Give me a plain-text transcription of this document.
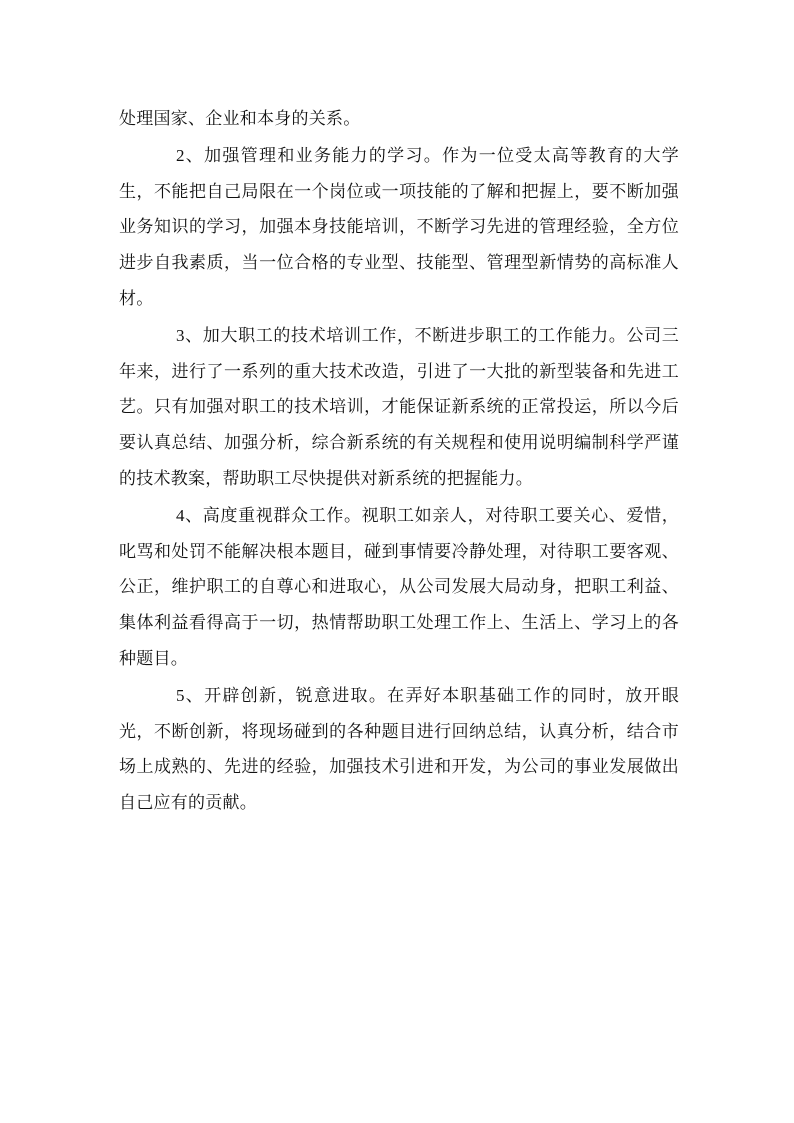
处理国家、企业和本身的关系。

2、加强管理和业务能力的学习。作为一位受太高等教育的大学生，不能把自己局限在一个岗位或一项技能的了解和把握上，要不断加强业务知识的学习，加强本身技能培训，不断学习先进的管理经验，全方位进步自我素质，当一位合格的专业型、技能型、管理型新情势的高标准人材。

3、加大职工的技术培训工作，不断进步职工的工作能力。公司三年来，进行了一系列的重大技术改造，引进了一大批的新型装备和先进工艺。只有加强对职工的技术培训，才能保证新系统的正常投运，所以今后要认真总结、加强分析，综合新系统的有关规程和使用说明编制科学严谨的技术教案，帮助职工尽快提供对新系统的把握能力。

4、高度重视群众工作。视职工如亲人，对待职工要关心、爱惜，叱骂和处罚不能解决根本题目，碰到事情要冷静处理，对待职工要客观、公正，维护职工的自尊心和进取心，从公司发展大局动身，把职工利益、集体利益看得高于一切，热情帮助职工处理工作上、生活上、学习上的各种题目。

5、开辟创新，锐意进取。在弄好本职基础工作的同时，放开眼光，不断创新，将现场碰到的各种题目进行回纳总结，认真分析，结合市场上成熟的、先进的经验，加强技术引进和开发，为公司的事业发展做出自己应有的贡献。
